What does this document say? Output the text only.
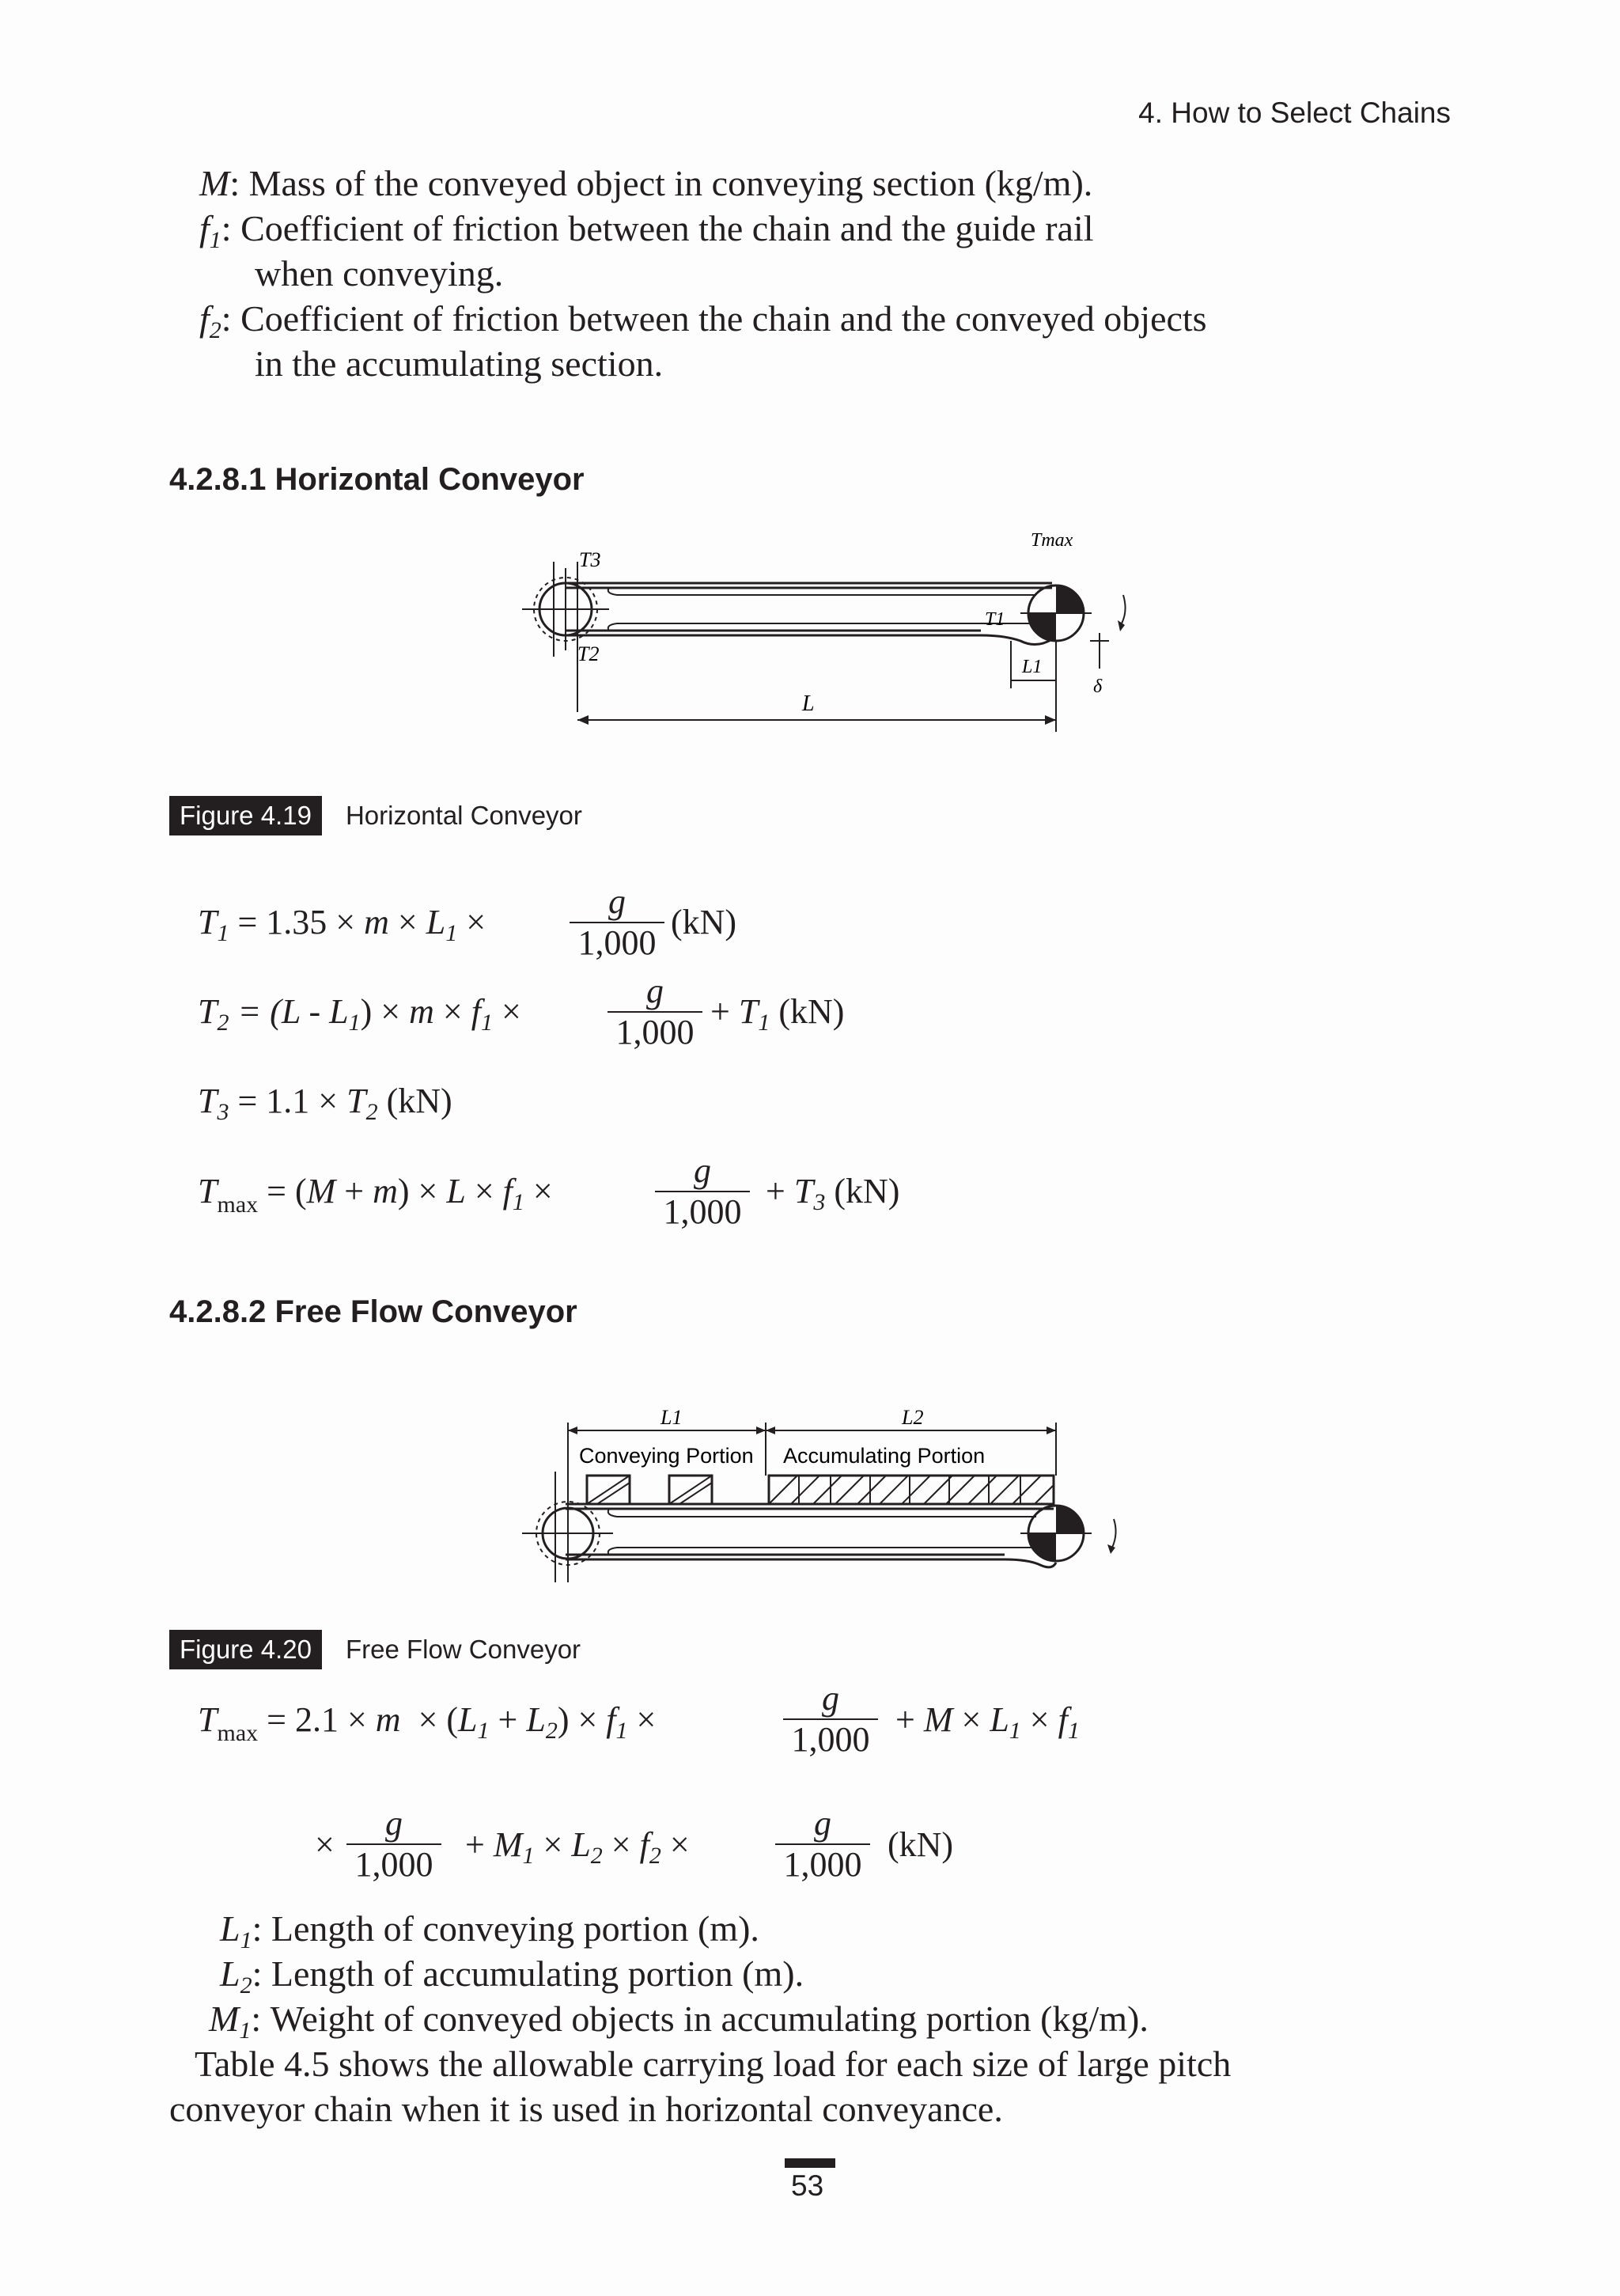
4. How to Select Chains
M: Mass of the conveyed object in conveying section (kg/m).
$f_1$: Coefficient of friction between the chain and the guide rail
when conveying.
$f_2$: Coefficient of friction between the chain and the conveyed objects
in the accumulating section.
4.2.8.1 Horizontal Conveyor
T3
T2
Tmax
T1
L1
L
δ
Figure 4.19	Horizontal Conveyor
$T_1 = 1.35 \times m \times L_1$ ×
g
1,000
(kN)
$T_2 = (L - L_1) \times m \times f_1$ ×
g
1,000
+ $T_1$ (kN)
$T_3 = 1.1 \times T_2$ (kN)
$T_{max} = (M + m) \times L \times f_1$ ×
g
1,000
+ $T_3$ (kN)
4.2.8.2 Free Flow Conveyor
L1	L2
Conveying Portion Accumulating Portion
Figure 4.20	Free Flow Conveyor
$T_{max} = 2.1 \times m \times (L_1 + L_2) \times f_1$ ×
g
1,000
+ $M \times L_1 \times f_1$
×
g
1,000
+ $M_1 \times L_2 \times f_2$ ×
g
1,000
(kN)
$L_1$: Length of conveying portion (m).
$L_2$: Length of accumulating portion (m).
$M_1$: Weight of conveyed objects in accumulating portion (kg/m).
Table 4.5 shows the allowable carrying load for each size of large pitch
conveyor chain when it is used in horizontal conveyance.
53
